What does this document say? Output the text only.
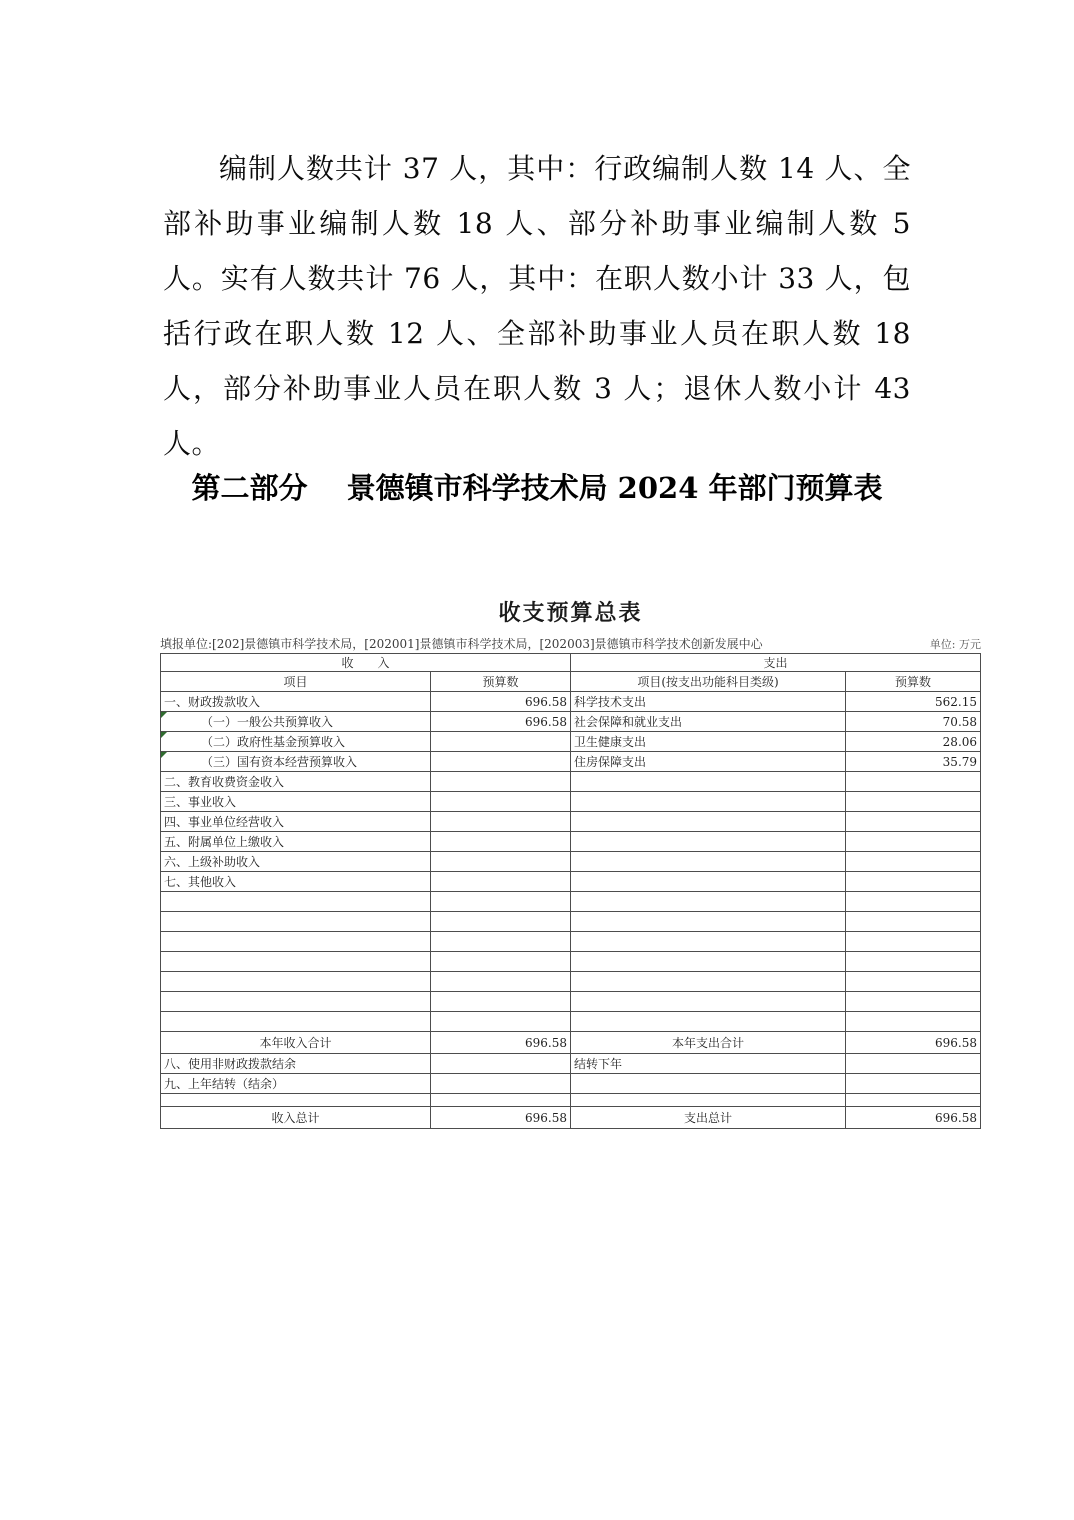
编制人数共计 37 人，其中：行政编制人数 14 人、全部补助事业编制人数 18 人、部分补助事业编制人数 5 人。实有人数共计 76 人，其中：在职人数小计 33 人，包括行政在职人数 12 人、全部补助事业人员在职人数 18 人，部分补助事业人员在职人数 3 人；退休人数小计 43 人。

第二部分　 景德镇市科学技术局 2024 年部门预算表
收支预算总表
填报单位:[202]景德镇市科学技术局，[202001]景德镇市科学技术局，[202003]景德镇市科学技术创新发展中心	单位: 万元
收　　入		支出	
项目	预算数	项目(按支出功能科目类级)	预算数
一、财政拨款收入	696.58	科学技术支出	562.15
（一）一般公共预算收入	696.58	社会保障和就业支出	70.58
（二）政府性基金预算收入		卫生健康支出	28.06
（三）国有资本经营预算收入		住房保障支出	35.79
二、教育收费资金收入			
三、事业收入			
四、事业单位经营收入			
五、附属单位上缴收入			
六、上级补助收入			
七、其他收入			

本年收入合计	696.58	本年支出合计	696.58
八、使用非财政拨款结余		结转下年	
九、上年结转（结余）			

收入总计	696.58	支出总计	696.58
